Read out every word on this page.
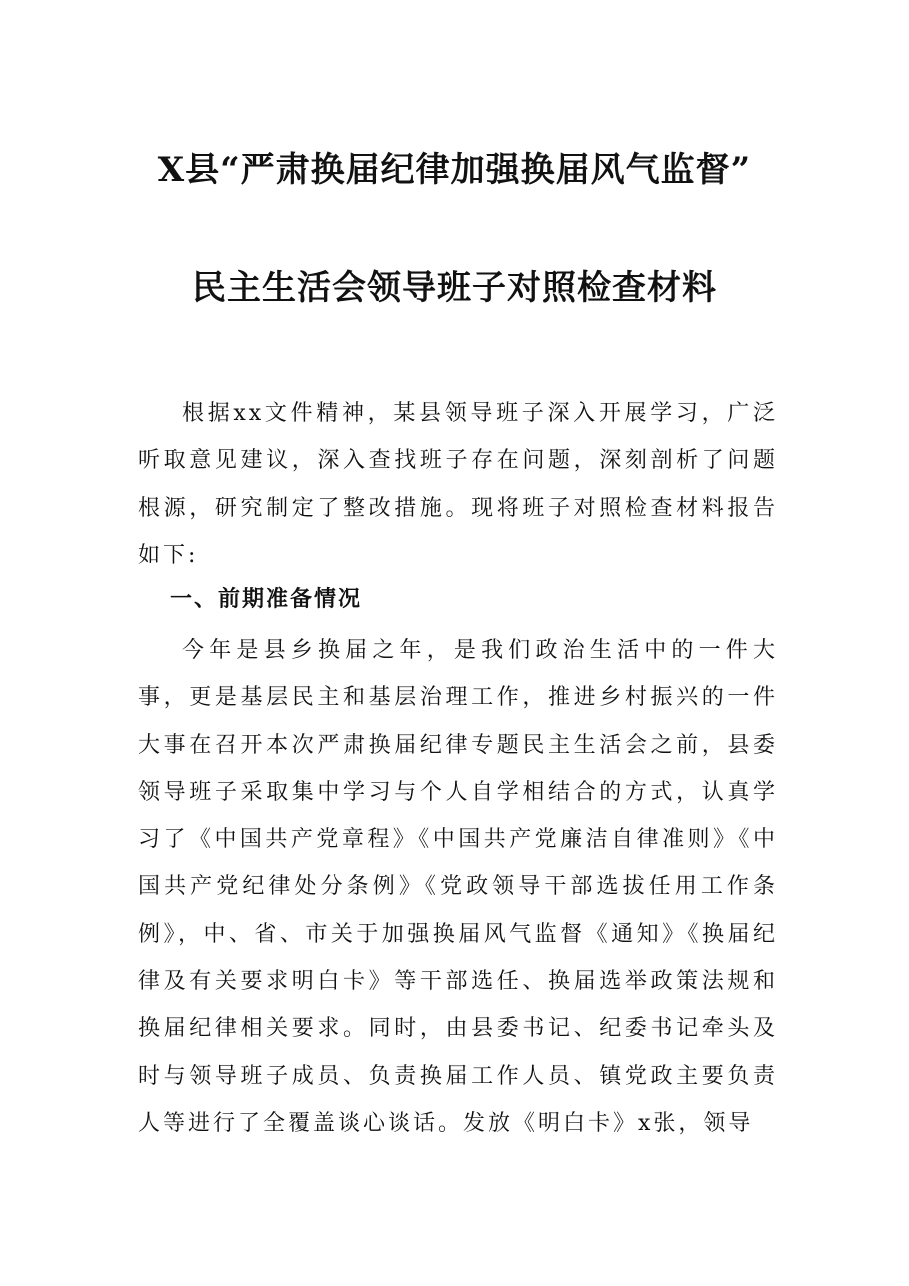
X县“严肃换届纪律加强换届风气监督”
民主生活会领导班子对照检查材料

根据xx文件精神，某县领导班子深入开展学习，广泛听取意见建议，深入查找班子存在问题，深刻剖析了问题根源，研究制定了整改措施。现将班子对照检查材料报告如下:

一、前期准备情况

今年是县乡换届之年，是我们政治生活中的一件大事，更是基层民主和基层治理工作，推进乡村振兴的一件大事在召开本次严肃换届纪律专题民主生活会之前，县委领导班子采取集中学习与个人自学相结合的方式，认真学习了《中国共产党章程》《中国共产党廉洁自律准则》《中国共产党纪律处分条例》《党政领导干部选拔任用工作条例》，中、省、市关于加强换届风气监督《通知》《换届纪律及有关要求明白卡》等干部选任、换届选举政策法规和换届纪律相关要求。同时，由县委书记、纪委书记牵头及时与领导班子成员、负责换届工作人员、镇党政主要负责人等进行了全覆盖谈心谈话。发放《明白卡》x张，领导
